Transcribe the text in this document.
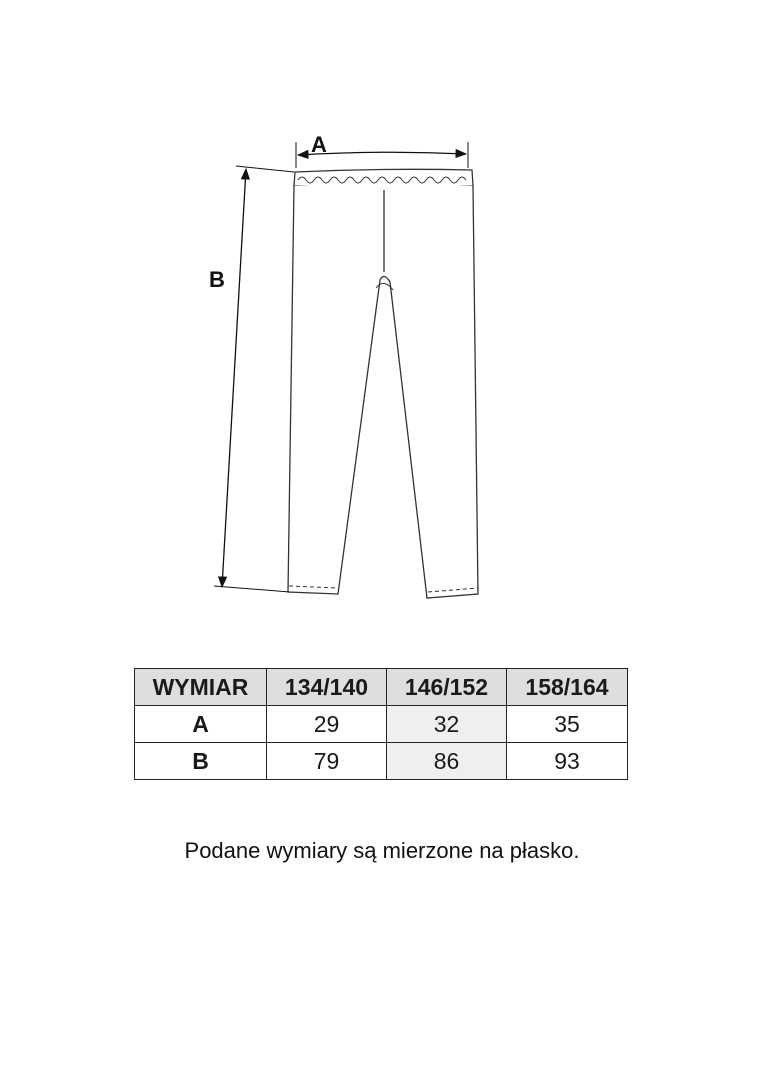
A
B
WYMIAR	134/140	146/152	158/164
A	29	32	35
B	79	86	93
Podane wymiary są mierzone na płasko.
